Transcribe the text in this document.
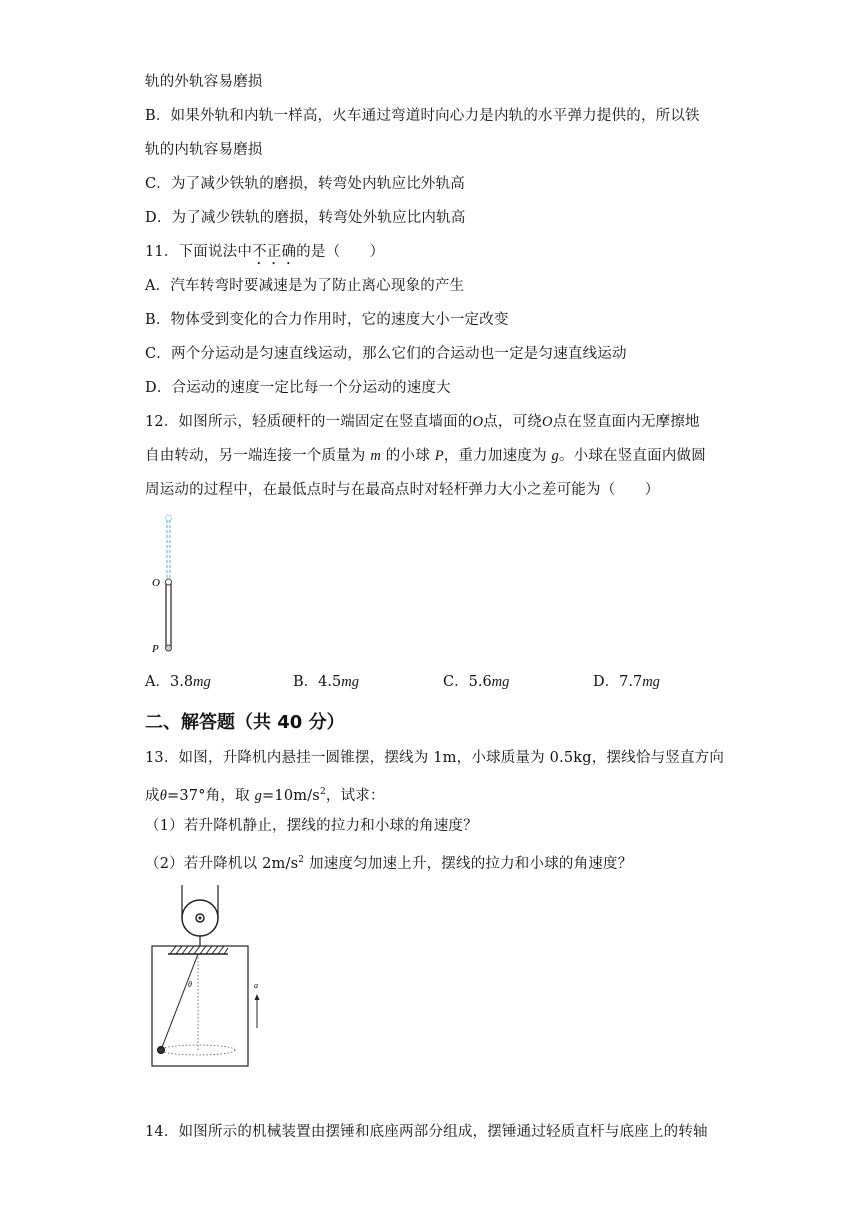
轨的外轨容易磨损
B．如果外轨和内轨一样高，火车通过弯道时向心力是内轨的水平弹力提供的，所以铁
轨的内轨容易磨损
C．为了减少铁轨的磨损，转弯处内轨应比外轨高
D．为了减少铁轨的磨损，转弯处外轨应比内轨高
11．下面说法中不正确的是（　　）
A．汽车转弯时要减速是为了防止离心现象的产生
B．物体受到变化的合力作用时，它的速度大小一定改变
C．两个分运动是匀速直线运动，那么它们的合运动也一定是匀速直线运动
D．合运动的速度一定比每一个分运动的速度大
12．如图所示，轻质硬杆的一端固定在竖直墙面的O点，可绕O点在竖直面内无摩擦地
自由转动，另一端连接一个质量为 m 的小球 P，重力加速度为 g。小球在竖直面内做圆
周运动的过程中，在最低点时与在最高点时对轻杆弹力大小之差可能为（　　）
O
P
A．3.8mg	B．4.5mg	C．5.6mg	D．7.7mg
二、解答题（共 40 分）
13．如图，升降机内悬挂一圆锥摆，摆线为 1m，小球质量为 0.5kg，摆线恰与竖直方向
成θ=37°角，取 $g=10m/s^2$，试求：
（1）若升降机静止，摆线的拉力和小球的角速度？
（2）若升降机以 $2m/s^2$ 加速度匀加速上升，摆线的拉力和小球的角速度？
θ	a
14．如图所示的机械装置由摆锤和底座两部分组成，摆锤通过轻质直杆与底座上的转轴
